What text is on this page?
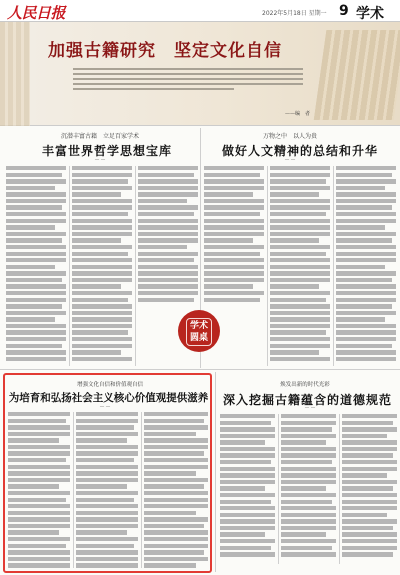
人民日报	2022年5月18日 星期一 9 学术
加强古籍研究　坚定文化自信
——编　者
沉潜丰富古籍　立足百家学术
丰富世界哲学思想宝库
— —
万物之中　以人为贵
做好人文精神的总结和升华
— —
学术
圆桌
增强文化自信和价值观自信
为培育和弘扬社会主义核心价值观提供滋养
— —
焕发出新的时代光彩
深入挖掘古籍蕴含的道德规范
— —
